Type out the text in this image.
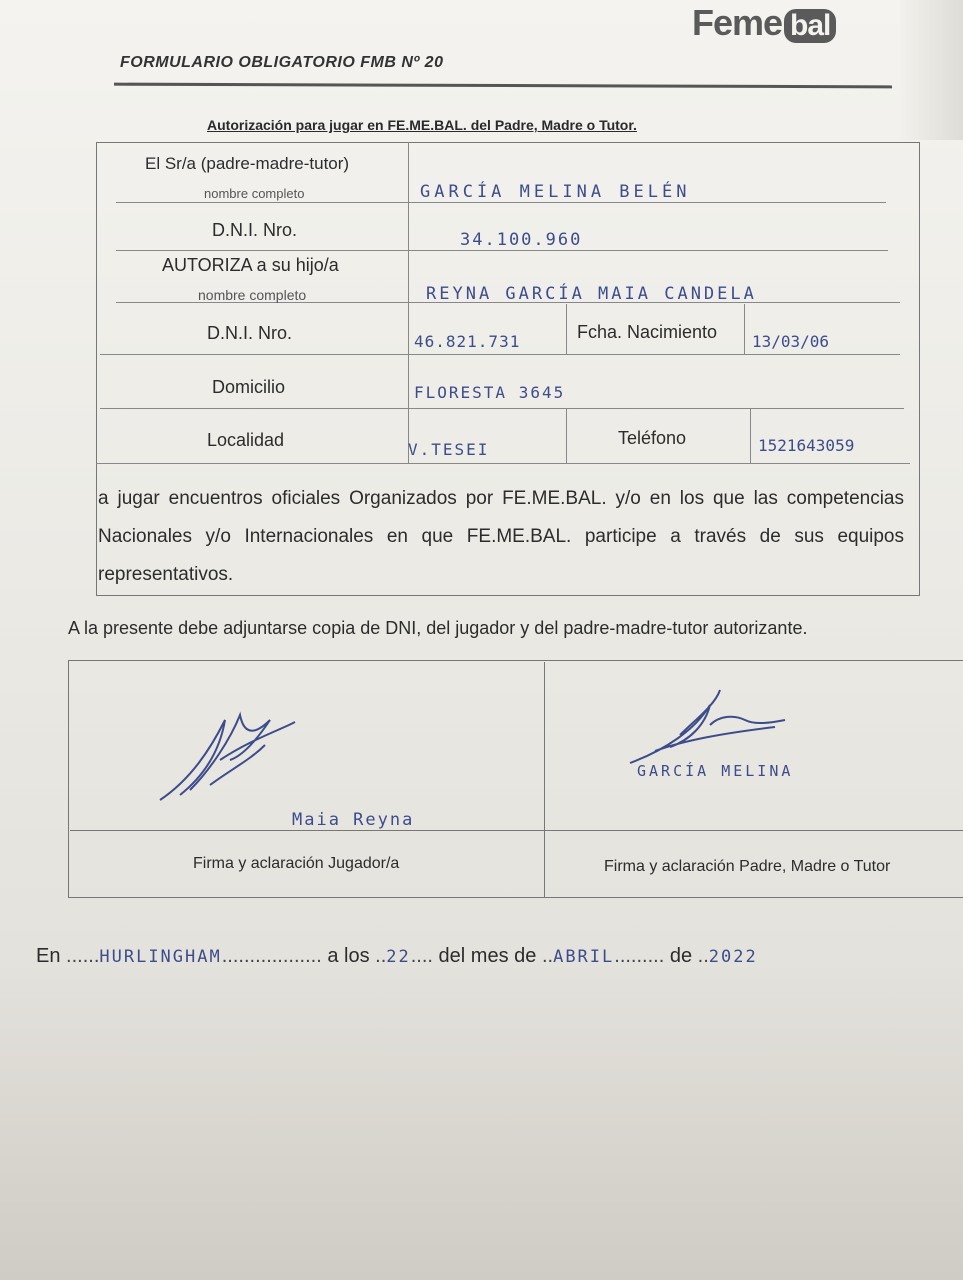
Feme bal
FORMULARIO OBLIGATORIO FMB Nº 20
Autorización para jugar en FE.ME.BAL. del Padre, Madre o Tutor.
El Sr/a (padre-madre-tutor)
nombre completo	GARCÍA MELINA BELÉN
D.N.I. Nro.	34.100.960
AUTORIZA a su hijo/a
nombre completo	REYNA GARCÍA MAIA CANDELA
D.N.I. Nro.	46.821.731	Fcha. Nacimiento 13/03/06
Domicilio	FLORESTA 3645
Localidad	V.TESEI
Teléfono	1521643059
a jugar encuentros oficiales Organizados por FE.ME.BAL. y/o en los que las competencias Nacionales y/o Internacionales en que FE.ME.BAL. participe a través de sus equipos representativos.
A la presente debe adjuntarse copia de DNI, del jugador y del padre-madre-tutor autorizante.
Maia Reyna
Firma y aclaración Jugador/a
GARCÍA MELINA
Firma y aclaración Padre, Madre o Tutor
En ......HURLINGHAM.................. a los ..22.... del mes de ..ABRIL......... de ..2022
